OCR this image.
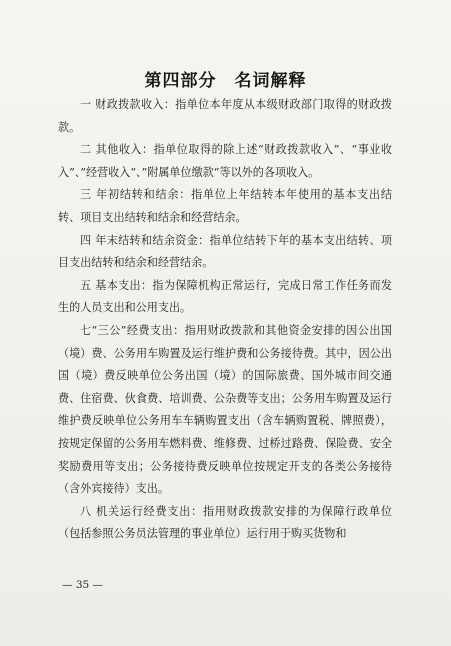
第四部分　名词解释

一 财政拨款收入：指单位本年度从本级财政部门取得的财政拨款。

二 其他收入：指单位取得的除上述“财政拨款收入”、“事业收入”、”经营收入“、”附属单位缴款“等以外的各项收入。

三 年初结转和结余：指单位上年结转本年使用的基本支出结转、项目支出结转和结余和经营结余。

四 年末结转和结余资金：指单位结转下年的基本支出结转、项目支出结转和结余和经营结余。

五 基本支出：指为保障机构正常运行，完成日常工作任务而发生的人员支出和公用支出。

七“三公”经费支出：指用财政拨款和其他资金安排的因公出国（境）费、公务用车购置及运行维护费和公务接待费。其中，因公出国（境）费反映单位公务出国（境）的国际旅费、国外城市间交通费、住宿费、伙食费、培训费、公杂费等支出；公务用车购置及运行维护费反映单位公务用车车辆购置支出（含车辆购置税、牌照费），按规定保留的公务用车燃料费、维修费、过桥过路费、保险费、安全奖励费用等支出；公务接待费反映单位按规定开支的各类公务接待（含外宾接待）支出。

八 机关运行经费支出：指用财政拨款安排的为保障行政单位（包括参照公务员法管理的事业单位）运行用于购买货物和

— 35 —
